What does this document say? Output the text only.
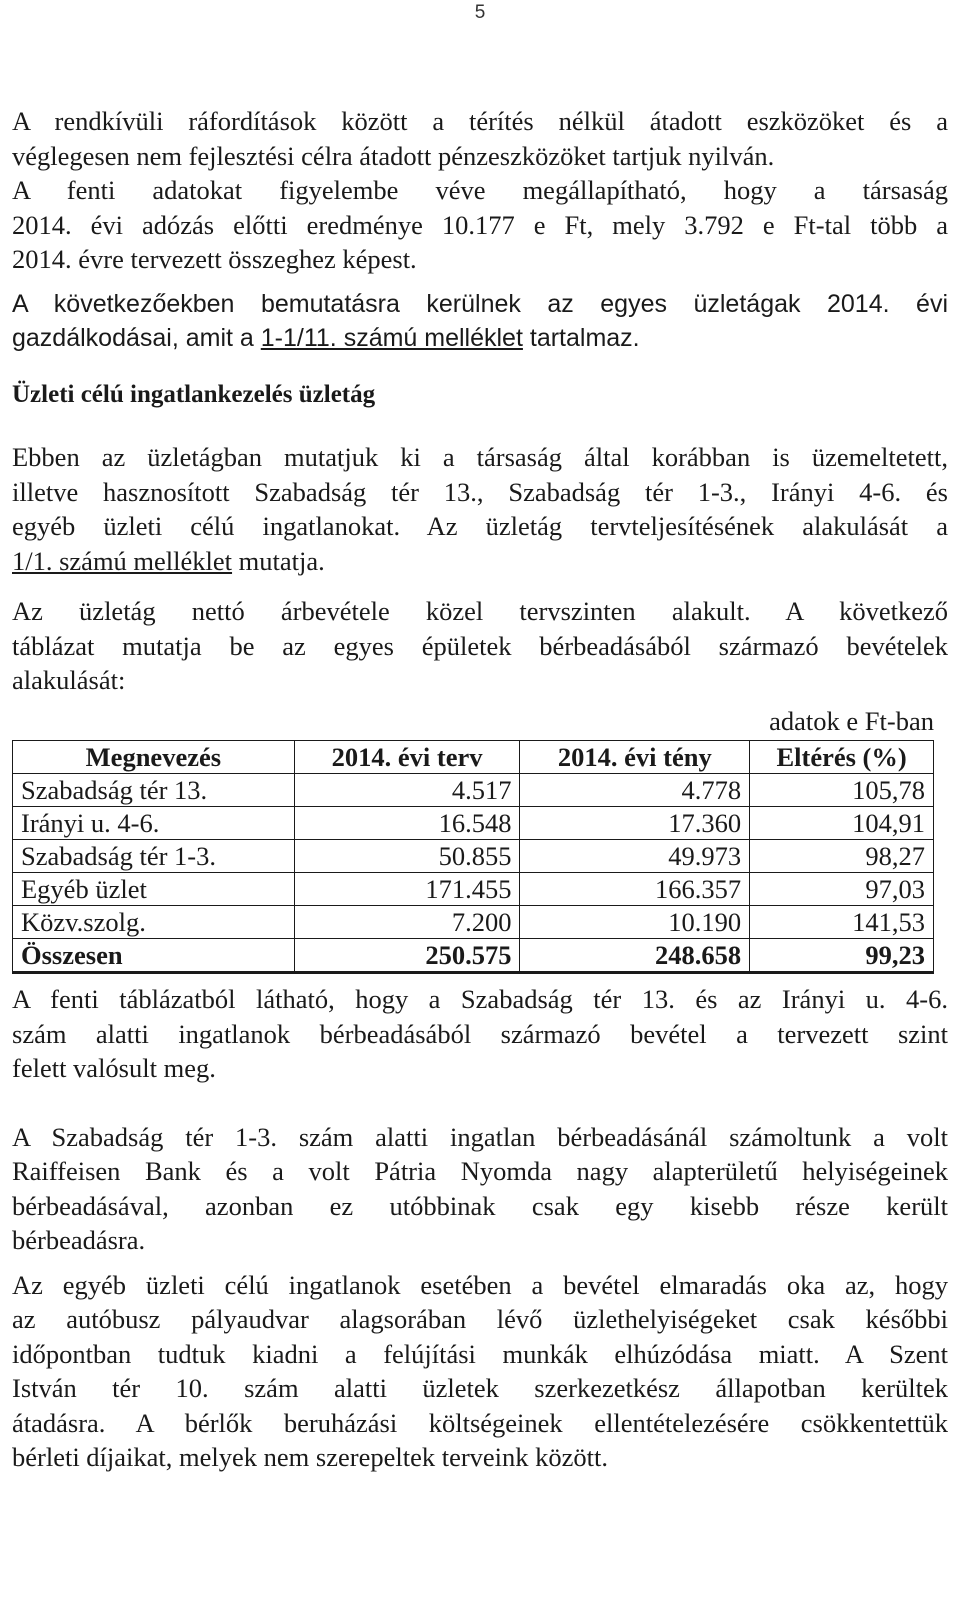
5

A rendkívüli ráfordítások között a térítés nélkül átadott eszközöket és a

véglegesen nem fejlesztési célra átadott pénzeszközöket tartjuk nyilván.

A fenti adatokat figyelembe véve megállapítható, hogy a társaság

2014. évi adózás előtti eredménye 10.177 e Ft, mely 3.792 e Ft-tal több a

2014. évre tervezett összeghez képest.

A következőekben bemutatásra kerülnek az egyes üzletágak 2014. évi

gazdálkodásai, amit a 1-1/11. számú melléklet tartalmaz.

Üzleti célú ingatlankezelés üzletág

Ebben az üzletágban mutatjuk ki a társaság által korábban is üzemeltetett,

illetve hasznosított Szabadság tér 13., Szabadság tér 1-3., Irányi 4-6. és

egyéb üzleti célú ingatlanokat. Az üzletág tervteljesítésének alakulását a

1/1. számú melléklet mutatja.

Az üzletág nettó árbevétele közel tervszinten alakult. A következő

táblázat mutatja be az egyes épületek bérbeadásából származó bevételek

alakulását:

adatok e Ft-ban

Megnevezés	2014. évi terv	2014. évi tény	Eltérés (%)
Szabadság tér 13.	4.517	4.778	105,78
Irányi u. 4-6.	16.548	17.360	104,91
Szabadság tér 1-3.	50.855	49.973	98,27
Egyéb üzlet	171.455	166.357	97,03
Közv.szolg.	7.200	10.190	141,53
Összesen	250.575	248.658	99,23

A fenti táblázatból látható, hogy a Szabadság tér 13. és az Irányi u. 4-6.

szám alatti ingatlanok bérbeadásából származó bevétel a tervezett szint

felett valósult meg.

A Szabadság tér 1-3. szám alatti ingatlan bérbeadásánál számoltunk a volt

Raiffeisen Bank és a volt Pátria Nyomda nagy alapterületű helyiségeinek

bérbeadásával, azonban ez utóbbinak csak egy kisebb része került

bérbeadásra.

Az egyéb üzleti célú ingatlanok esetében a bevétel elmaradás oka az, hogy

az autóbusz pályaudvar alagsorában lévő üzlethelyiségeket csak későbbi

időpontban tudtuk kiadni a felújítási munkák elhúzódása miatt. A Szent

István tér 10. szám alatti üzletek szerkezetkész állapotban kerültek

átadásra. A bérlők beruházási költségeinek ellentételezésére csökkentettük

bérleti díjaikat, melyek nem szerepeltek terveink között.
